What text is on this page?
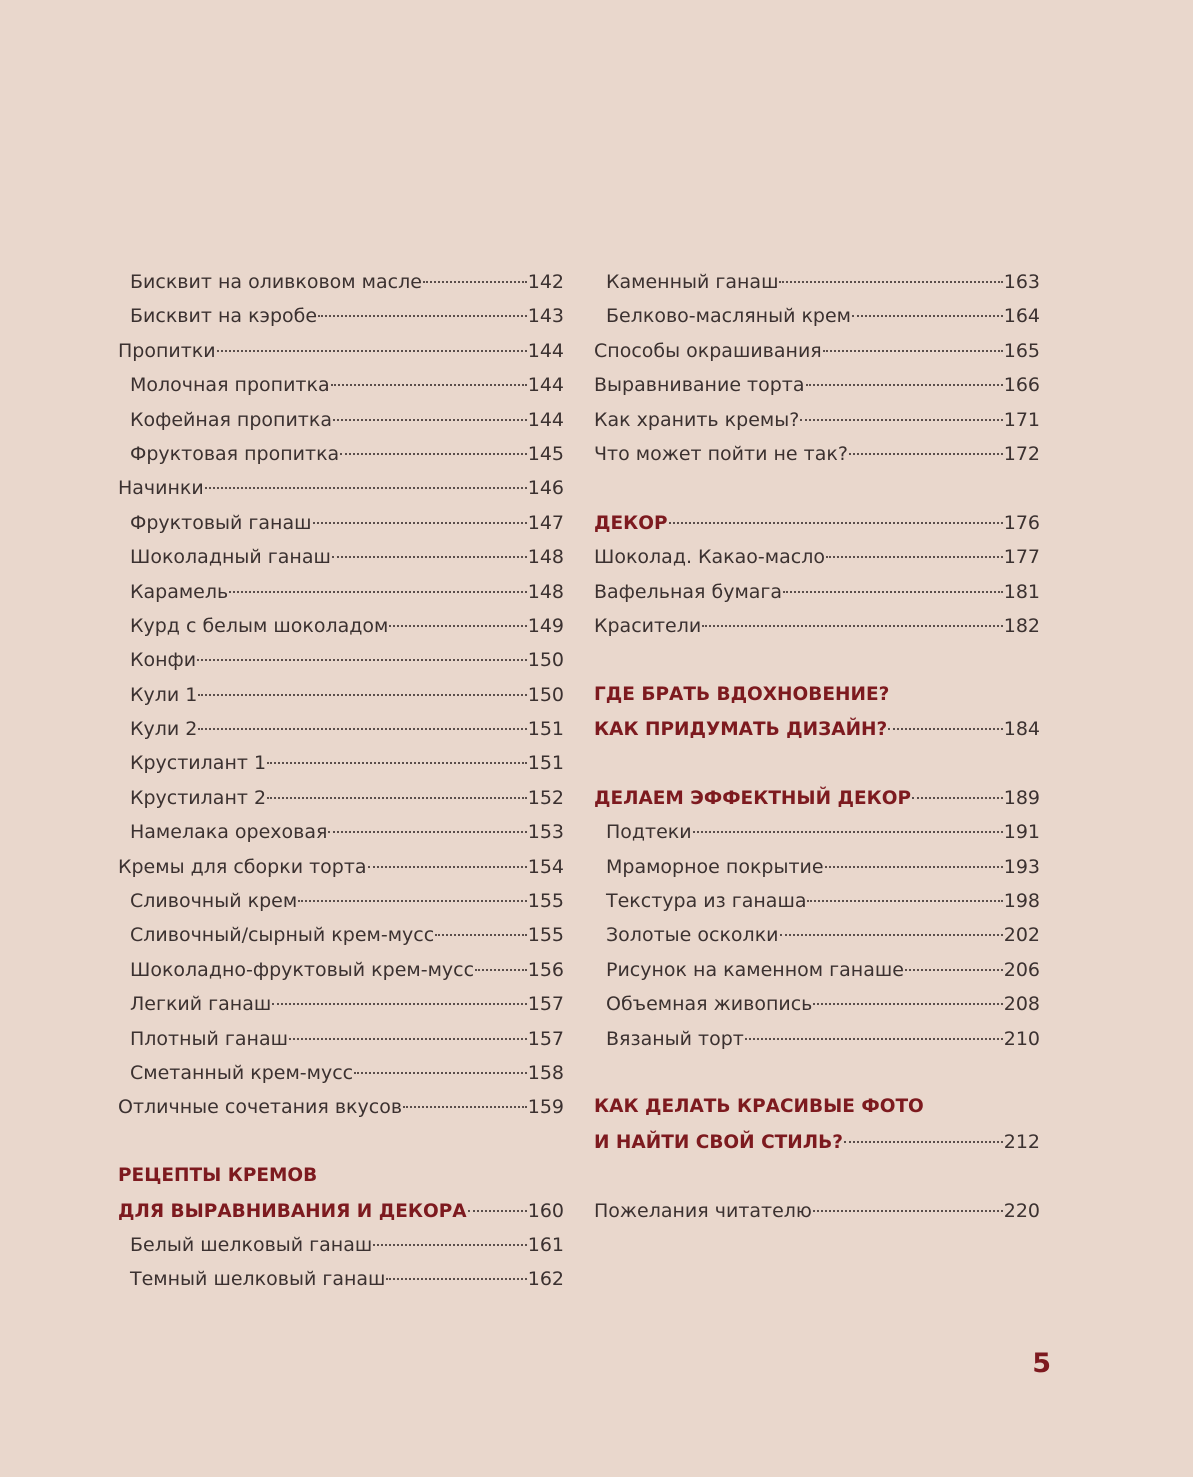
Бисквит на оливковом масле	142
Бисквит на кэробе	143
Пропитки	144
Молочная пропитка	144
Кофейная пропитка	144
Фруктовая пропитка	145
Начинки	146
Фруктовый ганаш	147
Шоколадный ганаш	148
Карамель	148
Курд с белым шоколадом	149
Конфи	150
Кули 1	150
Кули 2	151
Крустилант 1	151
Крустилант 2	152
Намелака ореховая	153
Кремы для сборки торта	154
Сливочный крем	155
Сливочный/сырный крем-мусс	155
Шоколадно-фруктовый крем-мусс	156
Легкий ганаш	157
Плотный ганаш	157
Сметанный крем-мусс	158
Отличные сочетания вкусов	159
РЕЦЕПТЫ КРЕМОВ
ДЛЯ ВЫРАВНИВАНИЯ И ДЕКОРА	160
Белый шелковый ганаш	161
Темный шелковый ганаш	162
Каменный ганаш	163
Белково-масляный крем	164
Способы окрашивания	165
Выравнивание торта	166
Как хранить кремы?	171
Что может пойти не так?	172
ДЕКОР	176
Шоколад. Какао-масло	177
Вафельная бумага	181
Красители	182
ГДЕ БРАТЬ ВДОХНОВЕНИЕ?
КАК ПРИДУМАТЬ ДИЗАЙН?	184
ДЕЛАЕМ ЭФФЕКТНЫЙ ДЕКОР	189
Подтеки	191
Мраморное покрытие	193
Текстура из ганаша	198
Золотые осколки	202
Рисунок на каменном ганаше	206
Объемная живопись	208
Вязаный торт	210
КАК ДЕЛАТЬ КРАСИВЫЕ ФОТО
И НАЙТИ СВОЙ СТИЛЬ?	212
Пожелания читателю	220
5
